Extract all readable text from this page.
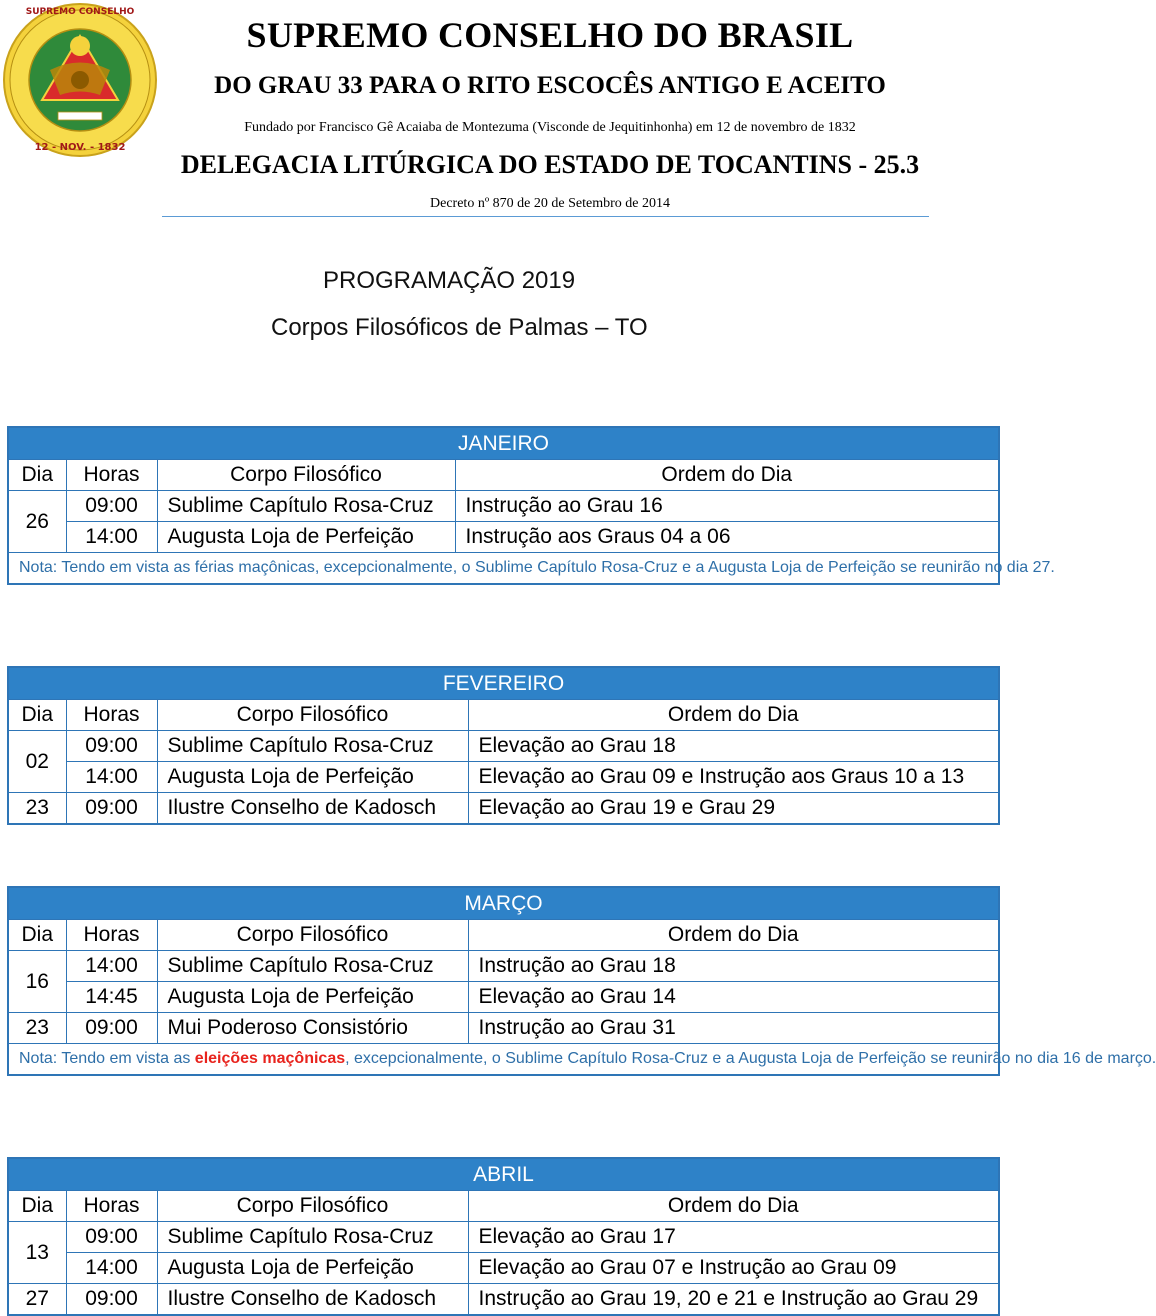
SUPREMO CONSELHO
12 - NOV. - 1832
SUPREMO CONSELHO DO BRASIL
DO GRAU 33 PARA O RITO ESCOCÊS ANTIGO E ACEITO
Fundado por Francisco Gê Acaiaba de Montezuma (Visconde de Jequitinhonha) em 12 de novembro de 1832
DELEGACIA LITÚRGICA DO ESTADO DE TOCANTINS - 25.3
Decreto nº 870 de 20 de Setembro de 2014
PROGRAMAÇÃO 2019
Corpos Filosóficos de Palmas – TO
JANEIRO			
Dia	Horas	Corpo Filosófico	Ordem do Dia
26	09:00	Sublime Capítulo Rosa-Cruz	Instrução ao Grau 16
	14:00	Augusta Loja de Perfeição	Instrução aos Graus 04 a 06
Nota: Tendo em vista as férias maçônicas, excepcionalmente, o Sublime Capítulo Rosa-Cruz e a Augusta Loja de Perfeição se reunirão no dia 27.			
FEVEREIRO			
Dia	Horas	Corpo Filosófico	Ordem do Dia
02	09:00	Sublime Capítulo Rosa-Cruz	Elevação ao Grau 18
	14:00	Augusta Loja de Perfeição	Elevação ao Grau 09 e Instrução aos Graus 10 a 13
23	09:00	Ilustre Conselho de Kadosch	Elevação ao Grau 19 e Grau 29
MARÇO			
Dia	Horas	Corpo Filosófico	Ordem do Dia
16	14:00	Sublime Capítulo Rosa-Cruz	Instrução ao Grau 18
	14:45	Augusta Loja de Perfeição	Elevação ao Grau 14
23	09:00	Mui Poderoso Consistório	Instrução ao Grau 31
Nota: Tendo em vista as eleições maçônicas, excepcionalmente, o Sublime Capítulo Rosa-Cruz e a Augusta Loja de Perfeição se reunirão no dia 16 de março.			
ABRIL			
Dia	Horas	Corpo Filosófico	Ordem do Dia
13	09:00	Sublime Capítulo Rosa-Cruz	Elevação ao Grau 17
	14:00	Augusta Loja de Perfeição	Elevação ao Grau 07 e Instrução ao Grau 09
27	09:00	Ilustre Conselho de Kadosch	Instrução ao Grau 19, 20 e 21 e Instrução ao Grau 29
